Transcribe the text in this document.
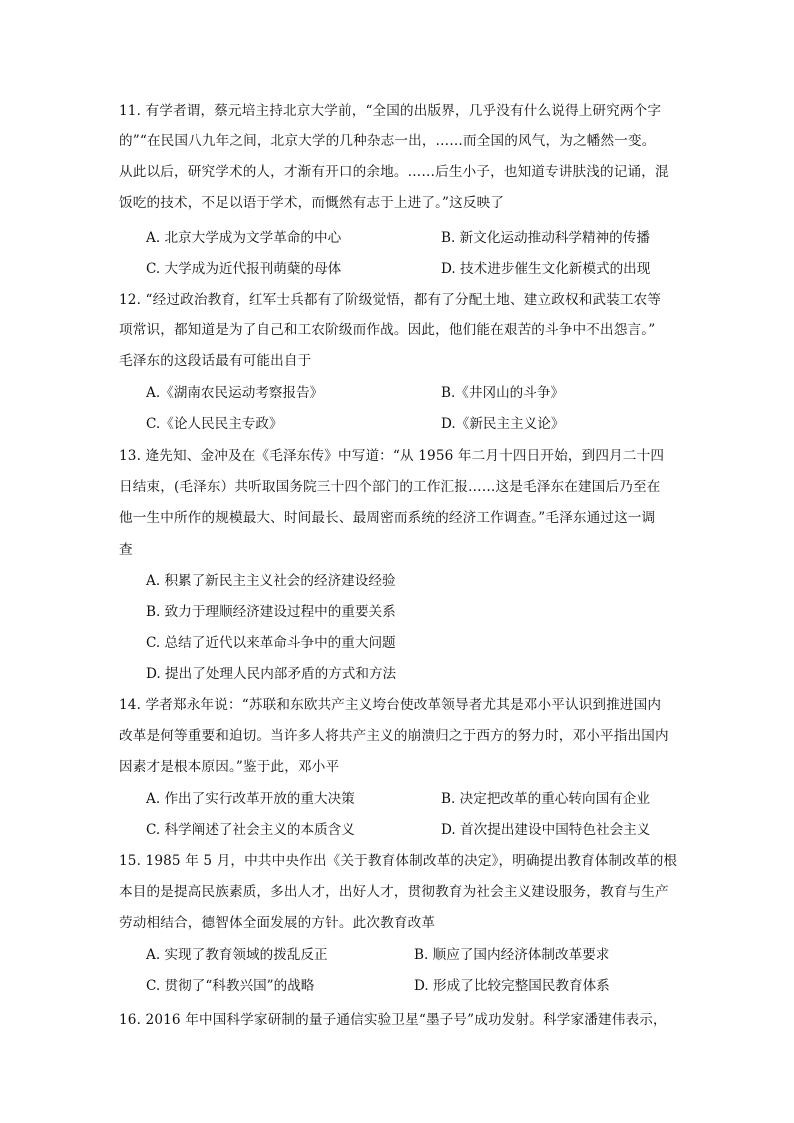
11. 有学者谓，蔡元培主持北京大学前，“全国的出版界，几乎没有什么说得上研究两个字
的”“在民国八九年之间，北京大学的几种杂志一出，……而全国的风气，为之幡然一变。
从此以后，研究学术的人，才渐有开口的余地。……后生小子，也知道专讲肤浅的记诵，混
饭吃的技术，不足以语于学术，而慨然有志于上进了。”这反映了
A. 北京大学成为文学革命的中心	B. 新文化运动推动科学精神的传播
C. 大学成为近代报刊萌蘖的母体	D. 技术进步催生文化新模式的出现
12. “经过政治教育，红军士兵都有了阶级觉悟，都有了分配土地、建立政权和武装工农等
项常识，都知道是为了自己和工农阶级而作战。因此，他们能在艰苦的斗争中不出怨言。”
毛泽东的这段话最有可能出自于
A.《湖南农民运动考察报告》	B.《井冈山的斗争》
C.《论人民民主专政》	D.《新民主主义论》
13. 逄先知、金冲及在《毛泽东传》中写道：“从 1956 年二月十四日开始，到四月二十四
日结束，(毛泽东）共听取国务院三十四个部门的工作汇报……这是毛泽东在建国后乃至在
他一生中所作的规模最大、时间最长、最周密而系统的经济工作调查。”毛泽东通过这一调
查
A. 积累了新民主主义社会的经济建设经验
B. 致力于理顺经济建设过程中的重要关系
C. 总结了近代以来革命斗争中的重大问题
D. 提出了处理人民内部矛盾的方式和方法
14. 学者郑永年说：“苏联和东欧共产主义垮台使改革领导者尤其是邓小平认识到推进国内
改革是何等重要和迫切。当许多人将共产主义的崩溃归之于西方的努力时，邓小平指出国内
因素才是根本原因。”鉴于此，邓小平
A. 作出了实行改革开放的重大决策	B. 决定把改革的重心转向国有企业
C. 科学阐述了社会主义的本质含义	D. 首次提出建设中国特色社会主义
15. 1985 年 5 月，中共中央作出《关于教育体制改革的决定》，明确提出教育体制改革的根
本目的是提高民族素质，多出人才，出好人才，贯彻教育为社会主义建设服务，教育与生产
劳动相结合，德智体全面发展的方针。此次教育改革
A. 实现了教育领域的拨乱反正	B. 顺应了国内经济体制改革要求
C. 贯彻了“科教兴国”的战略	D. 形成了比较完整国民教育体系
16. 2016 年中国科学家研制的量子通信实验卫星“墨子号”成功发射。科学家潘建伟表示，
